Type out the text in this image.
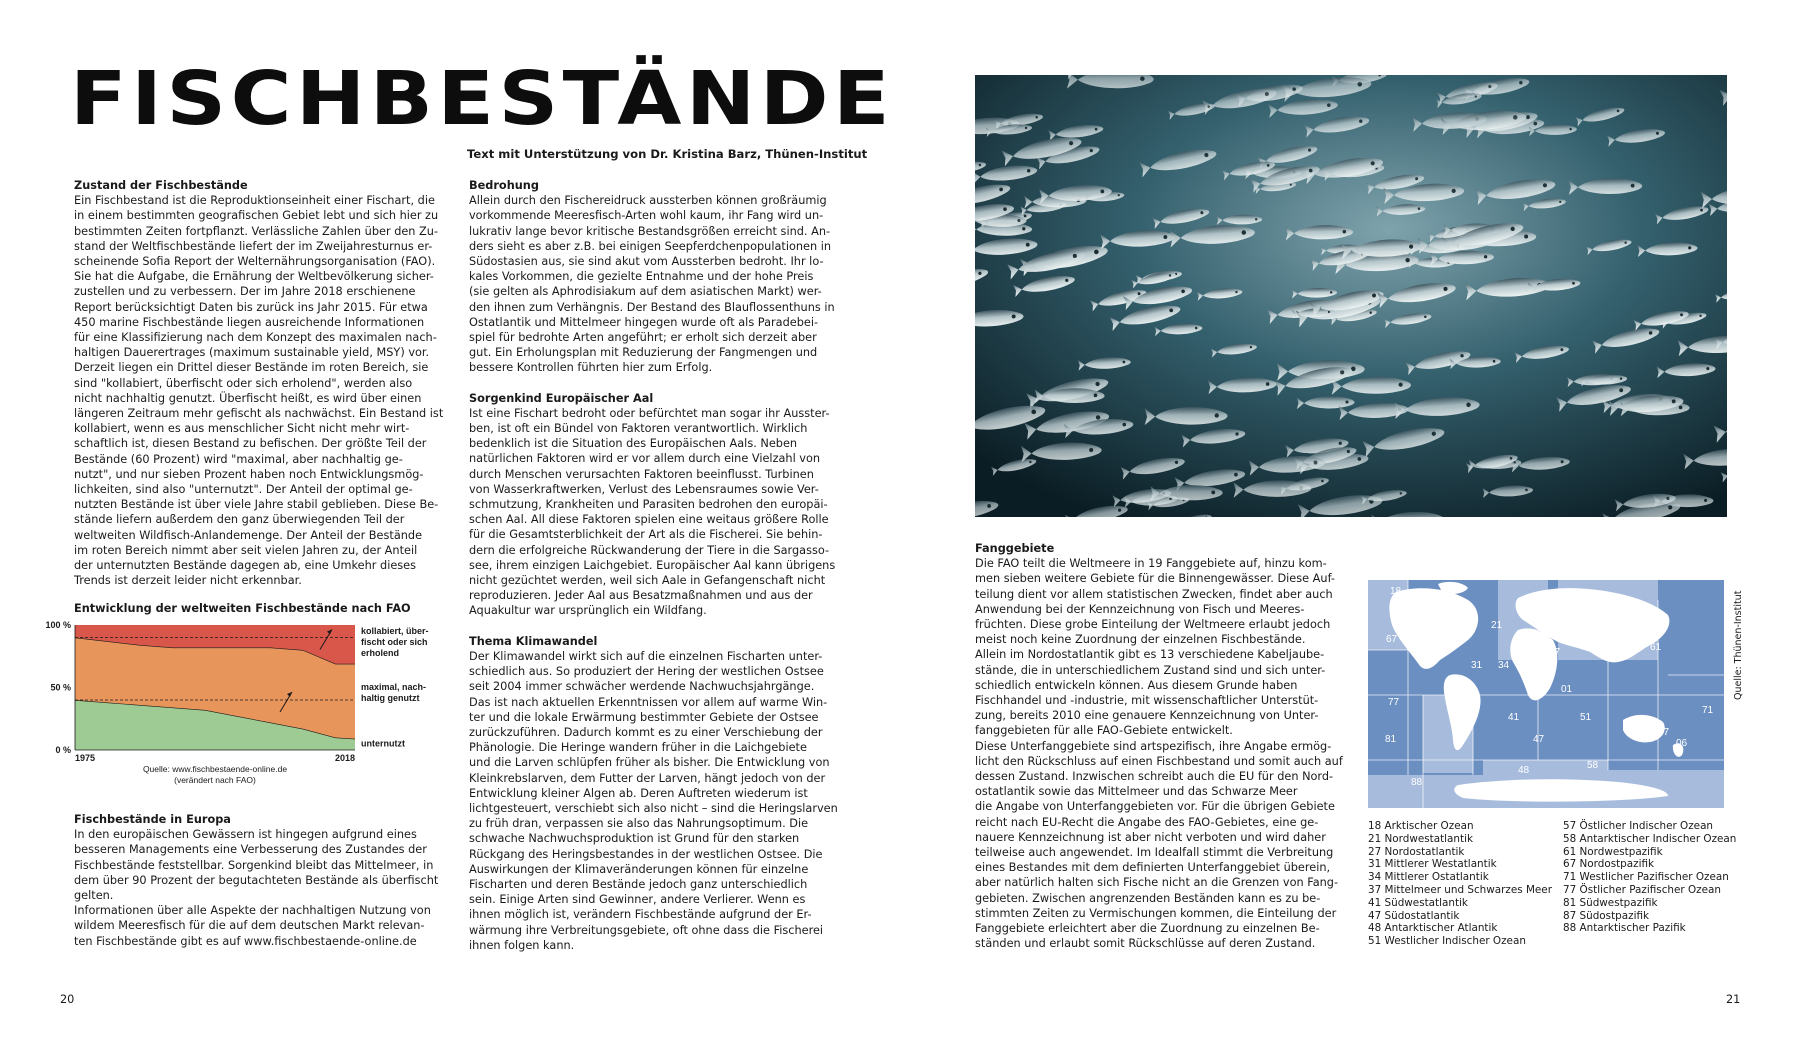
FISCHBESTÄNDE
Text mit Unterstützung von Dr. Kristina Barz, Thünen-Institut
Zustand der Fischbestände

Ein Fischbestand ist die Reproduktionseinheit einer Fischart, die
in einem bestimmten geografischen Gebiet lebt und sich hier zu
bestimmten Zeiten fortpflanzt. Verlässliche Zahlen über den Zu-
stand der Weltfischbestände liefert der im Zweijahresturnus er-
scheinende Sofia Report der Welternährungsorganisation (FAO).
Sie hat die Aufgabe, die Ernährung der Weltbevölkerung sicher-
zustellen und zu verbessern. Der im Jahre 2018 erschienene
Report berücksichtigt Daten bis zurück ins Jahr 2015. Für etwa
450 marine Fischbestände liegen ausreichende Informationen
für eine Klassifizierung nach dem Konzept des maximalen nach-
haltigen Dauerertrages (maximum sustainable yield, MSY) vor.
Derzeit liegen ein Drittel dieser Bestände im roten Bereich, sie
sind "kollabiert, überfischt oder sich erholend", werden also
nicht nachhaltig genutzt. Überfischt heißt, es wird über einen
längeren Zeitraum mehr gefischt als nachwächst. Ein Bestand ist
kollabiert, wenn es aus menschlicher Sicht nicht mehr wirt-
schaftlich ist, diesen Bestand zu befischen. Der größte Teil der
Bestände (60 Prozent) wird "maximal, aber nachhaltig ge-
nutzt", und nur sieben Prozent haben noch Entwicklungsmög-
lichkeiten, sind also "unternutzt". Der Anteil der optimal ge-
nutzten Bestände ist über viele Jahre stabil geblieben. Diese Be-
stände liefern außerdem den ganz überwiegenden Teil der
weltweiten Wildfisch-Anlandemenge. Der Anteil der Bestände
im roten Bereich nimmt aber seit vielen Jahren zu, der Anteil
der unternutzten Bestände dagegen ab, eine Umkehr dieses
Trends ist derzeit leider nicht erkennbar.

Entwicklung der weltweiten Fischbestände nach FAO
100 %
50 %
0 %
1975	2018
kollabiert, über-fischt oder sich erholend
maximal, nach-haltig genutzt
unternutzt
Quelle: www.fischbestaende-online.de (verändert nach FAO)
Fischbestände in Europa

In den europäischen Gewässern ist hingegen aufgrund eines
besseren Managements eine Verbesserung des Zustandes der
Fischbestände feststellbar. Sorgenkind bleibt das Mittelmeer, in
dem über 90 Prozent der begutachteten Bestände als überfischt
gelten.
Informationen über alle Aspekte der nachhaltigen Nutzung von
wildem Meeresfisch für die auf dem deutschen Markt relevan-
ten Fischbestände gibt es auf www.fischbestaende-online.de

Bedrohung

Allein durch den Fischereidruck aussterben können großräumig
vorkommende Meeresfisch-Arten wohl kaum, ihr Fang wird un-
lukrativ lange bevor kritische Bestandsgrößen erreicht sind. An-
ders sieht es aber z.B. bei einigen Seepferdchenpopulationen in
Südostasien aus, sie sind akut vom Aussterben bedroht. Ihr lo-
kales Vorkommen, die gezielte Entnahme und der hohe Preis
(sie gelten als Aphrodisiakum auf dem asiatischen Markt) wer-
den ihnen zum Verhängnis. Der Bestand des Blauflossenthuns in
Ostatlantik und Mittelmeer hingegen wurde oft als Paradebei-
spiel für bedrohte Arten angeführt; er erholt sich derzeit aber
gut. Ein Erholungsplan mit Reduzierung der Fangmengen und
bessere Kontrollen führten hier zum Erfolg.

Sorgenkind Europäischer Aal

Ist eine Fischart bedroht oder befürchtet man sogar ihr Ausster-
ben, ist oft ein Bündel von Faktoren verantwortlich. Wirklich
bedenklich ist die Situation des Europäischen Aals. Neben
natürlichen Faktoren wird er vor allem durch eine Vielzahl von
durch Menschen verursachten Faktoren beeinflusst. Turbinen
von Wasserkraftwerken, Verlust des Lebensraumes sowie Ver-
schmutzung, Krankheiten und Parasiten bedrohen den europäi-
schen Aal. All diese Faktoren spielen eine weitaus größere Rolle
für die Gesamtsterblichkeit der Art als die Fischerei. Sie behin-
dern die erfolgreiche Rückwanderung der Tiere in die Sargasso-
see, ihrem einzigen Laichgebiet. Europäischer Aal kann übrigens
nicht gezüchtet werden, weil sich Aale in Gefangenschaft nicht
reproduzieren. Jeder Aal aus Besatzmaßnahmen und aus der
Aquakultur war ursprünglich ein Wildfang.

Thema Klimawandel

Der Klimawandel wirkt sich auf die einzelnen Fischarten unter-
schiedlich aus. So produziert der Hering der westlichen Ostsee
seit 2004 immer schwächer werdende Nachwuchsjahrgänge.
Das ist nach aktuellen Erkenntnissen vor allem auf warme Win-
ter und die lokale Erwärmung bestimmter Gebiete der Ostsee
zurückzuführen. Dadurch kommt es zu einer Verschiebung der
Phänologie. Die Heringe wandern früher in die Laichgebiete
und die Larven schlüpfen früher als bisher. Die Entwicklung von
Kleinkrebslarven, dem Futter der Larven, hängt jedoch von der
Entwicklung kleiner Algen ab. Deren Auftreten wiederum ist
lichtgesteuert, verschiebt sich also nicht – sind die Heringslarven
zu früh dran, verpassen sie also das Nahrungsoptimum. Die
schwache Nachwuchsproduktion ist Grund für den starken
Rückgang des Heringsbestandes in der westlichen Ostsee. Die
Auswirkungen der Klimaveränderungen können für einzelne
Fischarten und deren Bestände jedoch ganz unterschiedlich
sein. Einige Arten sind Gewinner, andere Verlierer. Wenn es
ihnen möglich ist, verändern Fischbestände aufgrund der Er-
wärmung ihre Verbreitungsgebiete, oft ohne dass die Fischerei
ihnen folgen kann.

Fanggebiete

Die FAO teilt die Weltmeere in 19 Fanggebiete auf, hinzu kom-
men sieben weitere Gebiete für die Binnengewässer. Diese Auf-
teilung dient vor allem statistischen Zwecken, findet aber auch
Anwendung bei der Kennzeichnung von Fisch und Meeres-
früchten. Diese grobe Einteilung der Weltmeere erlaubt jedoch
meist noch keine Zuordnung der einzelnen Fischbestände.
Allein im Nordostatlantik gibt es 13 verschiedene Kabeljaube-
stände, die in unterschiedlichem Zustand sind und sich unter-
schiedlich entwickeln können. Aus diesem Grunde haben
Fischhandel und -industrie, mit wissenschaftlicher Unterstüt-
zung, bereits 2010 eine genauere Kennzeichnung von Unter-
fanggebieten für alle FAO-Gebiete entwickelt.
Diese Unterfanggebiete sind artspezifisch, ihre Angabe ermög-
licht den Rückschluss auf einen Fischbestand und somit auch auf
dessen Zustand. Inzwischen schreibt auch die EU für den Nord-
ostatlantik sowie das Mittelmeer und das Schwarze Meer
die Angabe von Unterfanggebieten vor. Für die übrigen Gebiete
reicht nach EU-Recht die Angabe des FAO-Gebietes, eine ge-
nauere Kennzeichnung ist aber nicht verboten und wird daher
teilweise auch angewendet. Im Idealfall stimmt die Verbreitung
eines Bestandes mit dem definierten Unterfanggebiet überein,
aber natürlich halten sich Fische nicht an die Grenzen von Fang-
gebieten. Zwischen angrenzenden Beständen kann es zu be-
stimmten Zeiten zu Vermischungen kommen, die Einteilung der
Fanggebiete erleichtert aber die Zuordnung zu einzelnen Be-
ständen und erlaubt somit Rückschlüsse auf deren Zustand.

18
21
27
67	02
05
31 34
37	04	61
77
87
41
01
51
57
71
81	47	06
88
48	58
08
Quelle: Thünen-Institut
18 Arktischer Ozean
21 Nordwestatlantik
27 Nordostatlantik
31 Mittlerer Westatlantik
34 Mittlerer Ostatlantik
37 Mittelmeer und Schwarzes Meer
41 Südwestatlantik
47 Südostatlantik
48 Antarktischer Atlantik
51 Westlicher Indischer Ozean
57 Östlicher Indischer Ozean
58 Antarktischer Indischer Ozean
61 Nordwestpazifik
67 Nordostpazifik
71 Westlicher Pazifischer Ozean
77 Östlicher Pazifischer Ozean
81 Südwestpazifik
87 Südostpazifik
88 Antarktischer Pazifik
20	21
